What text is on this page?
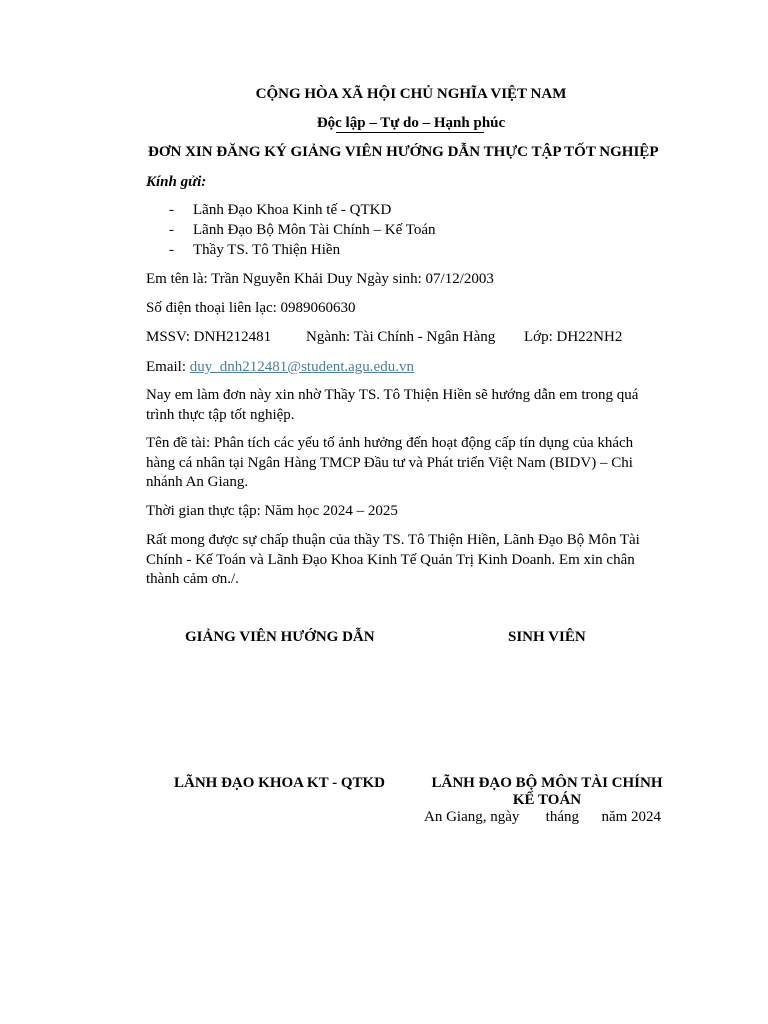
CỘNG HÒA XÃ HỘI CHỦ NGHĨA VIỆT NAM
Độc lập – Tự do – Hạnh phúc
ĐƠN XIN ĐĂNG KÝ GIẢNG VIÊN HƯỚNG DẪN THỰC TẬP TỐT NGHIỆP
Kính gửi:
- Lãnh Đạo Khoa Kinh tế - QTKD
- Lãnh Đạo Bộ Môn Tài Chính – Kế Toán
- Thầy TS. Tô Thiện Hiền
Em tên là: Trần Nguyễn Khải Duy Ngày sinh: 07/12/2003
Số điện thoại liên lạc: 0989060630
MSSV: DNH212481 Ngành: Tài Chính - Ngân Hàng Lớp: DH22NH2
Email: duy_dnh212481@student.agu.edu.vn
Nay em làm đơn này xin nhờ Thầy TS. Tô Thiện Hiền sẽ hướng dẫn em trong quá trình thực tập tốt nghiệp.
Tên đề tài: Phân tích các yếu tố ảnh hưởng đến hoạt động cấp tín dụng của khách hàng cá nhân tại Ngân Hàng TMCP Đầu tư và Phát triển Việt Nam (BIDV) – Chi nhánh An Giang.
Thời gian thực tập: Năm học 2024 – 2025
Rất mong được sự chấp thuận của thầy TS. Tô Thiện Hiền, Lãnh Đạo Bộ Môn Tài Chính - Kế Toán và Lãnh Đạo Khoa Kinh Tế Quản Trị Kinh Doanh. Em xin chân thành cảm ơn./.
GIẢNG VIÊN HƯỚNG DẪN	SINH VIÊN
LÃNH ĐẠO KHOA KT - QTKD	LÃNH ĐẠO BỘ MÔN TÀI CHÍNH
KẾ TOÁN
An Giang, ngày       tháng      năm 2024
